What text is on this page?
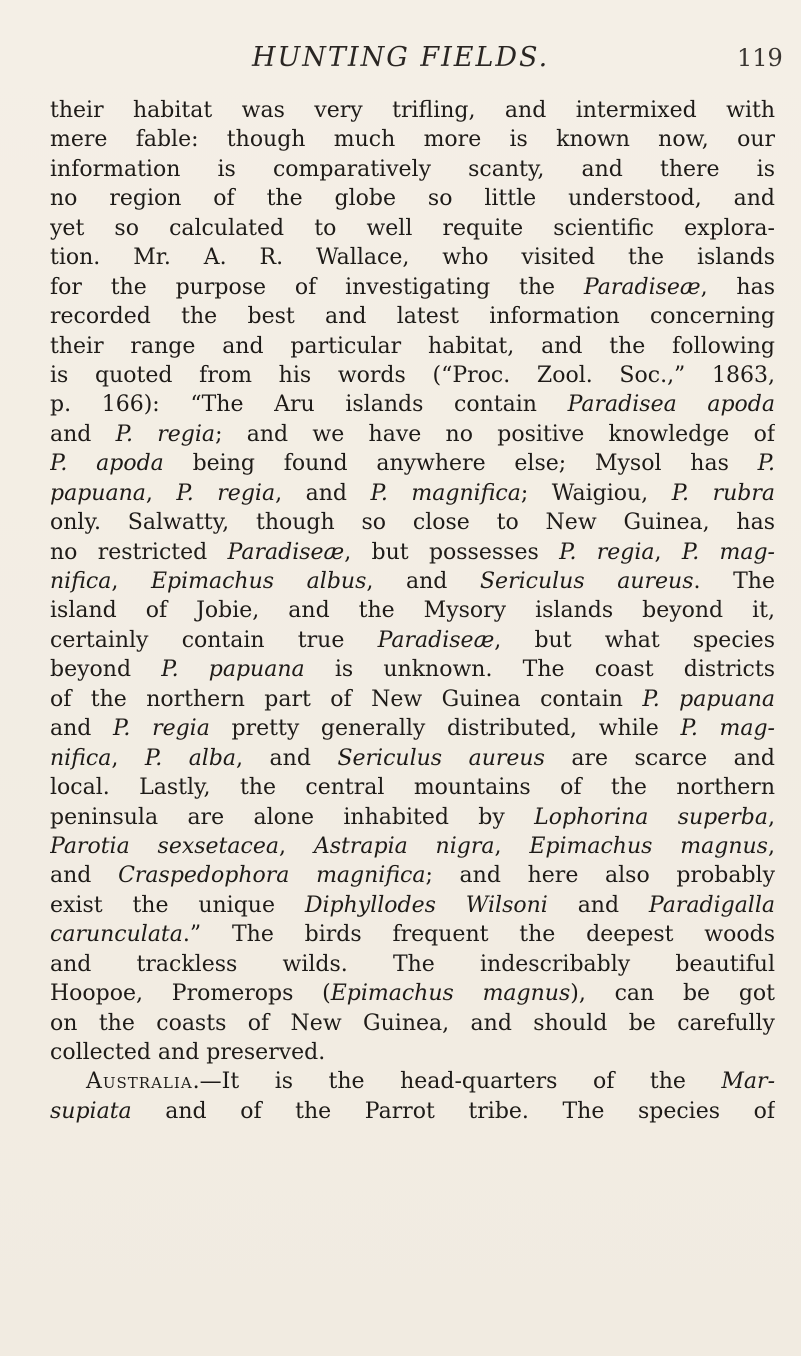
HUNTING FIELDS.	119
their habitat was very trifling, and intermixed with
mere fable: though much more is known now, our
information is comparatively scanty, and there is
no region of the globe so little understood, and
yet so calculated to well requite scientific explora-
tion. Mr. A. R. Wallace, who visited the islands
for the purpose of investigating the Paradiseæ, has
recorded the best and latest information concerning
their range and particular habitat, and the following
is quoted from his words (“Proc. Zool. Soc.,” 1863,
p. 166): “The Aru islands contain Paradisea apoda
and P. regia; and we have no positive knowledge of
P. apoda being found anywhere else; Mysol has P.
papuana, P. regia, and P. magnifica; Waigiou, P. rubra
only. Salwatty, though so close to New Guinea, has
no restricted Paradiseæ, but possesses P. regia, P. mag-
nifica, Epimachus albus, and Sericulus aureus. The
island of Jobie, and the Mysory islands beyond it,
certainly contain true Paradiseæ, but what species
beyond P. papuana is unknown. The coast districts
of the northern part of New Guinea contain P. papuana
and P. regia pretty generally distributed, while P. mag-
nifica, P. alba, and Sericulus aureus are scarce and
local. Lastly, the central mountains of the northern
peninsula are alone inhabited by Lophorina superba,
Parotia sexsetacea, Astrapia nigra, Epimachus magnus,
and Craspedophora magnifica; and here also probably
exist the unique Diphyllodes Wilsoni and Paradigalla
carunculata.” The birds frequent the deepest woods
and trackless wilds. The indescribably beautiful
Hoopoe, Promerops (Epimachus magnus), can be got
on the coasts of New Guinea, and should be carefully
collected and preserved.
Australia.—It is the head-quarters of the Mar-
supiata and of the Parrot tribe. The species of
